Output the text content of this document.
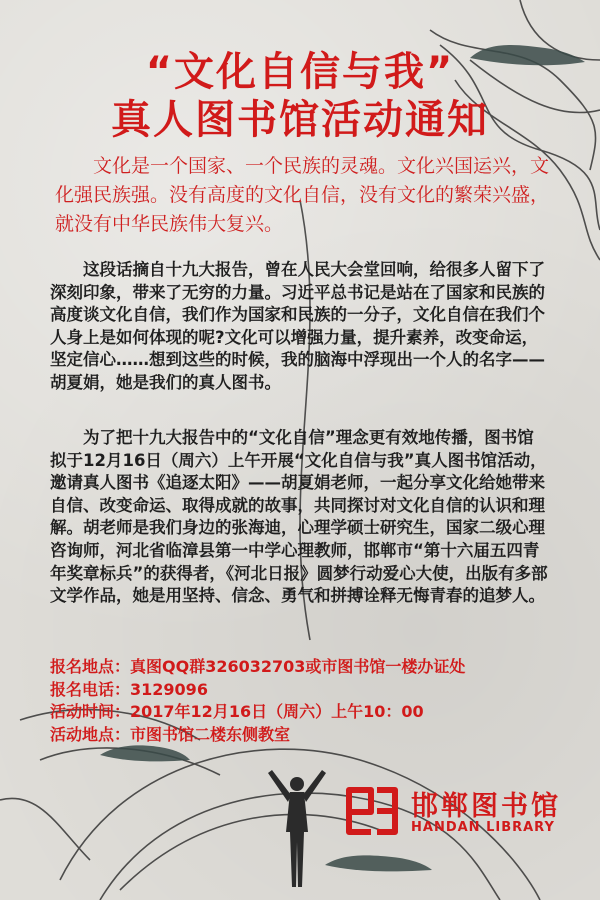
“文化自信与我”
真人图书馆活动通知

文化是一个国家、一个民族的灵魂。文化兴国运兴，文化强民族强。没有高度的文化自信，没有文化的繁荣兴盛，就没有中华民族伟大复兴。

这段话摘自十九大报告，曾在人民大会堂回响，给很多人留下了深刻印象，带来了无穷的力量。习近平总书记是站在了国家和民族的高度谈文化自信，我们作为国家和民族的一分子，文化自信在我们个人身上是如何体现的呢?文化可以增强力量，提升素养，改变命运，坚定信心……想到这些的时候，我的脑海中浮现出一个人的名字——胡夏娟，她是我们的真人图书。

为了把十九大报告中的“文化自信”理念更有效地传播，图书馆拟于12月16日（周六）上午开展“文化自信与我”真人图书馆活动，邀请真人图书《追逐太阳》——胡夏娟老师，一起分享文化给她带来自信、改变命运、取得成就的故事，共同探讨对文化自信的认识和理解。胡老师是我们身边的张海迪，心理学硕士研究生，国家二级心理咨询师，河北省临漳县第一中学心理教师，邯郸市“第十六届五四青年奖章标兵”的获得者，《河北日报》圆梦行动爱心大使，出版有多部文学作品，她是用坚持、信念、勇气和拼搏诠释无悔青春的追梦人。

报名地点：真图QQ群326032703或市图书馆一楼办证处
报名电话：3129096
活动时间：2017年12月16日（周六）上午10：00
活动地点：市图书馆二楼东侧教室
邯郸图书馆
HANDAN LIBRARY
